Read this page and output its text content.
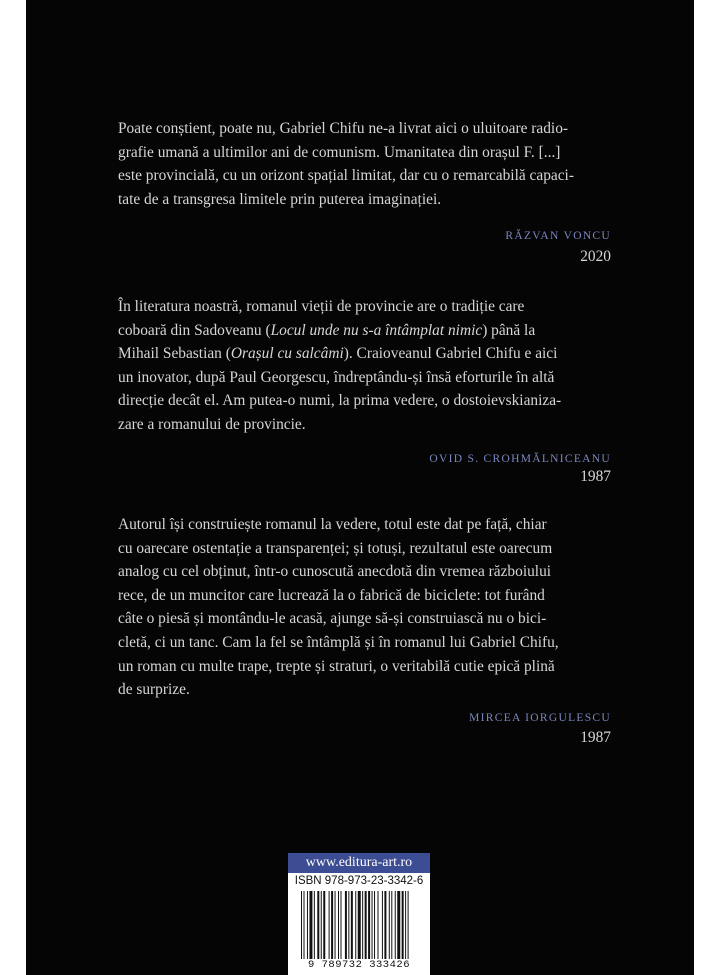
Poate conștient, poate nu, Gabriel Chifu ne-a livrat aici o uluitoare radio-
grafie umană a ultimilor ani de comunism. Umanitatea din orașul F. [...]
este provincială, cu un orizont spațial limitat, dar cu o remarcabilă capaci-
tate de a transgresa limitele prin puterea imaginației.

RĂZVAN VONCU
2020

În literatura noastră, romanul vieții de provincie are o tradiție care
coboară din Sadoveanu (Locul unde nu s-a întâmplat nimic) până la
Mihail Sebastian (Orașul cu salcâmi). Craioveanul Gabriel Chifu e aici
un inovator, după Paul Georgescu, îndreptându-și însă eforturile în altă
direcție decât el. Am putea-o numi, la prima vedere, o dostoievskianiza-
zare a romanului de provincie.

OVID S. CROHMĂLNICEANU
1987

Autorul își construiește romanul la vedere, totul este dat pe față, chiar
cu oarecare ostentație a transparenței; și totuși, rezultatul este oarecum
analog cu cel obținut, într-o cunoscută anecdotă din vremea războiului
rece, de un muncitor care lucrează la o fabrică de biciclete: tot furând
câte o piesă și montându-le acasă, ajunge să-și construiască nu o bici-
cletă, ci un tanc. Cam la fel se întâmplă și în romanul lui Gabriel Chifu,
un roman cu multe trape, trepte și straturi, o veritabilă cutie epică plină
de surprize.

MIRCEA IORGULESCU
1987
www.editura-art.ro
ISBN 978-973-23-3342-6
9 789732 333426
